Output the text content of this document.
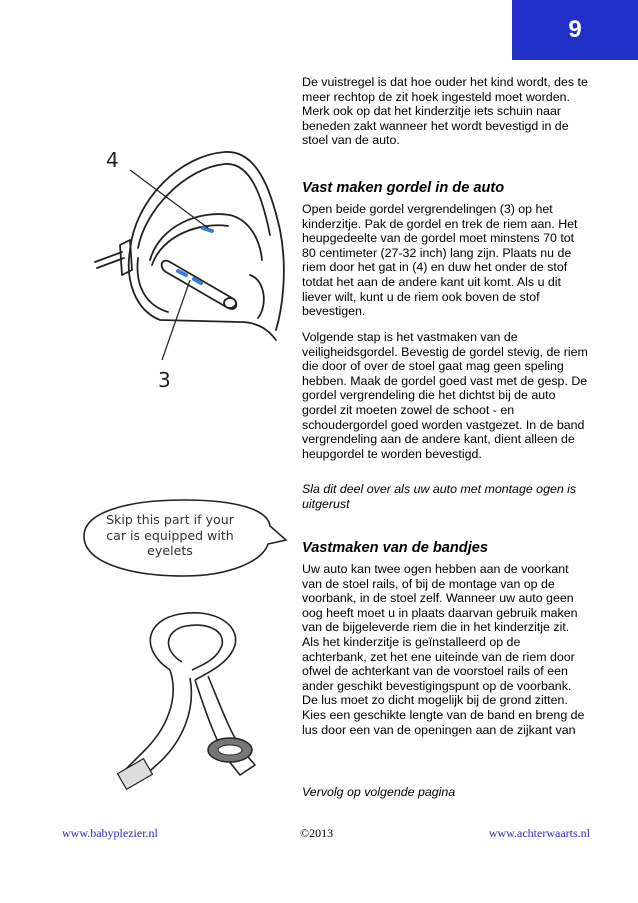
9
4
3
Skip this part if your car is equipped with eyelets

De vuistregel is dat hoe ouder het kind wordt, des te meer rechtop de zit hoek ingesteld moet worden. Merk ook op dat het kinderzitje iets schuin naar beneden zakt wanneer het wordt bevestigd in de stoel van de auto.

Vast maken gordel in de auto

Open beide gordel vergrendelingen (3) op het kinderzitje. Pak de gordel en trek de riem aan. Het heupgedeelte van de gordel moet minstens 70 tot 80 centimeter (27-32 inch) lang zijn. Plaats nu de riem door het gat in (4) en duw het onder de stof totdat het aan de andere kant uit komt. Als u dit liever wilt, kunt u de riem ook boven de stof bevestigen.

Volgende stap is het vastmaken van de veiligheidsgordel. Bevestig de gordel stevig, de riem die door of over de stoel gaat mag geen speling hebben. Maak de gordel goed vast met de gesp. De gordel vergrendeling die het dichtst bij de auto gordel zit moeten zowel de schoot - en schoudergordel goed worden vastgezet. In de band vergrendeling aan de andere kant, dient alleen de heupgordel te worden bevestigd.

Sla dit deel over als uw auto met montage ogen is uitgerust

Vastmaken van de bandjes

Uw auto kan twee ogen hebben aan de voorkant van de stoel rails, of bij de montage van op de voorbank, in de stoel zelf. Wanneer uw auto geen oog heeft moet u in plaats daarvan gebruik maken van de bijgeleverde riem die in het kinderzitje zit. Als het kinderzitje is geïnstalleerd op de achterbank, zet het ene uiteinde van de riem door ofwel de achterkant van de voorstoel rails of een ander geschikt bevestigingspunt op de voorbank. De lus moet zo dicht mogelijk bij de grond zitten. Kies een geschikte lengte van de band en breng de lus door een van de openingen aan de zijkant van

Vervolg op volgende pagina

www.babyplezier.nl	©2013	www.achterwaarts.nl
